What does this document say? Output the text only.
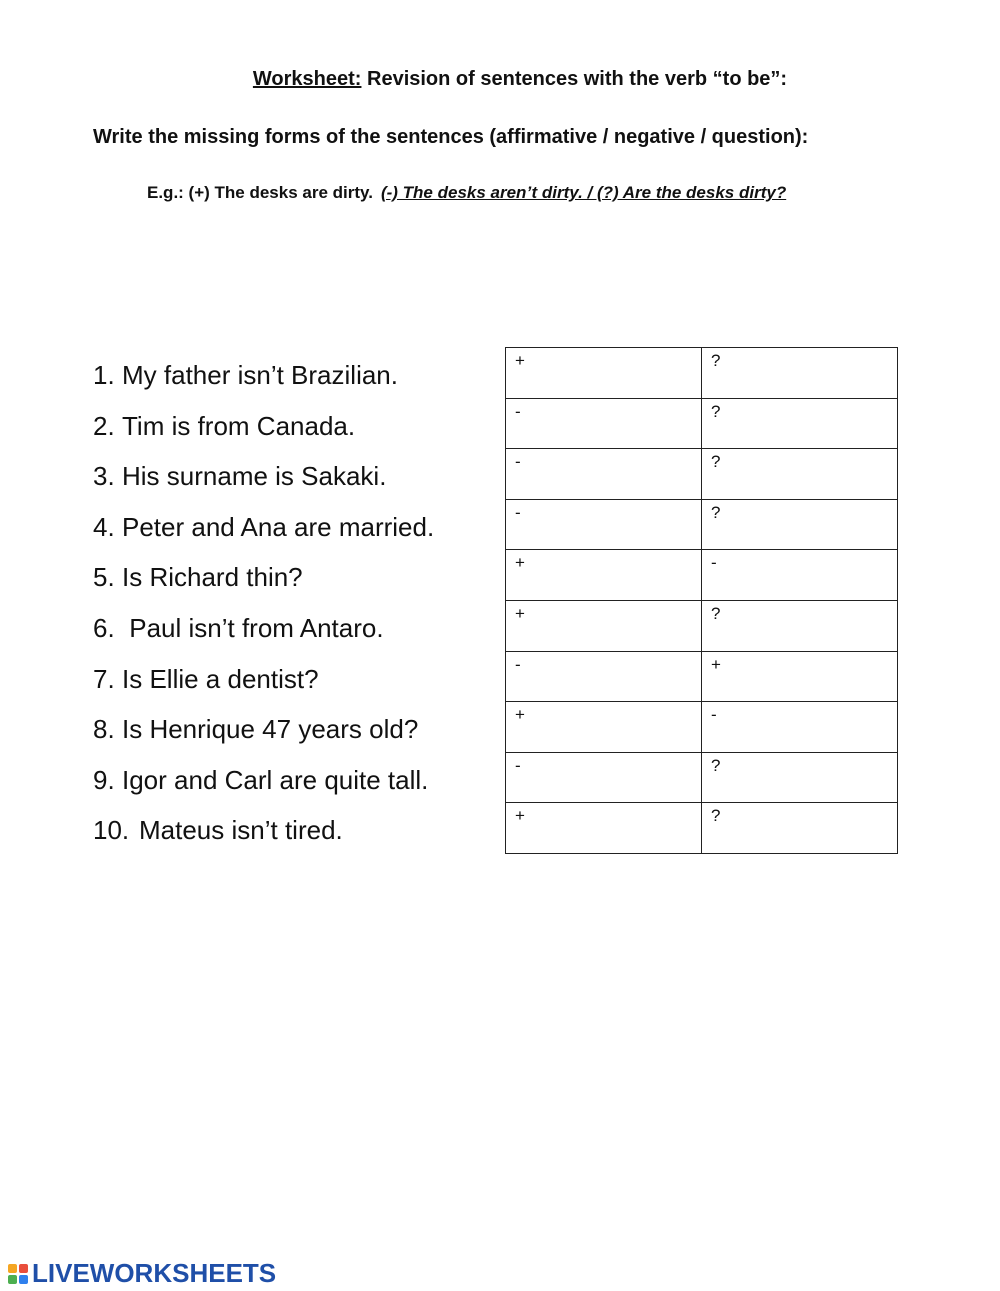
Worksheet: Revision of sentences with the verb “to be”:
Write the missing forms of the sentences (affirmative / negative / question):
E.g.: (+) The desks are dirty. (-) The desks aren’t dirty. / (?) Are the desks dirty?
1. My father isn’t Brazilian.
2. Tim is from Canada.
3. His surname is Sakaki.
4. Peter and Ana are married.
5. Is Richard thin?
6. Paul isn’t from Antaro.
7. Is Ellie a dentist?
8. Is Henrique 47 years old?
9. Igor and Carl are quite tall.
10. Mateus isn’t tired.
+	?

-	?

-	?

-	?

+	-

+	?

-	+

+	-

-	?

+	?
LIVEWORKSHEETS
